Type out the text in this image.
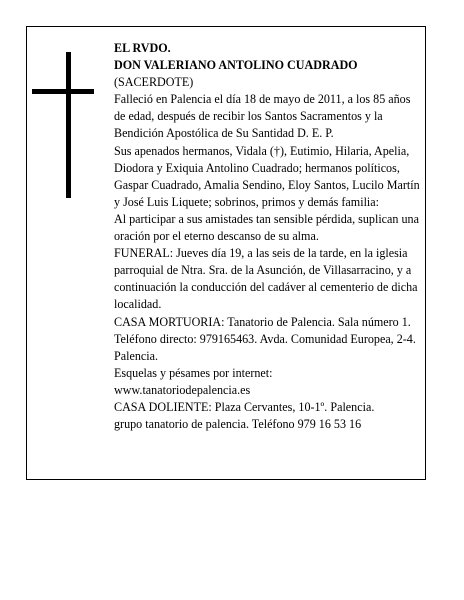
EL RVDO.

DON VALERIANO ANTOLINO CUADRADO

(SACERDOTE)

Falleció en Palencia el día 18 de mayo de 2011, a los 85 años de edad, después de recibir los Santos Sacramentos y la Bendición Apostólica de Su Santidad D. E. P.

Sus apenados hermanos, Vidala (†), Eutimio, Hilaria, Apelia, Diodora y Exiquia Antolino Cuadrado; hermanos políticos, Gaspar Cuadrado, Amalia Sendino, Eloy Santos, Lucilo Martín y José Luis Liquete; sobrinos, primos y demás familia:

Al participar a sus amistades tan sensible pérdida, suplican una oración por el eterno descanso de su alma.

FUNERAL: Jueves día 19, a las seis de la tarde, en la iglesia parroquial de Ntra. Sra. de la Asunción, de Villasarracino, y a continuación la conducción del cadáver al cementerio de dicha localidad.

CASA MORTUORIA: Tanatorio de Palencia. Sala número 1. Teléfono directo: 979165463. Avda. Comunidad Europea, 2-4. Palencia.

Esquelas y pésames por internet:

www.tanatoriodepalencia.es

CASA DOLIENTE: Plaza Cervantes, 10-1º. Palencia.

grupo tanatorio de palencia. Teléfono 979 16 53 16
